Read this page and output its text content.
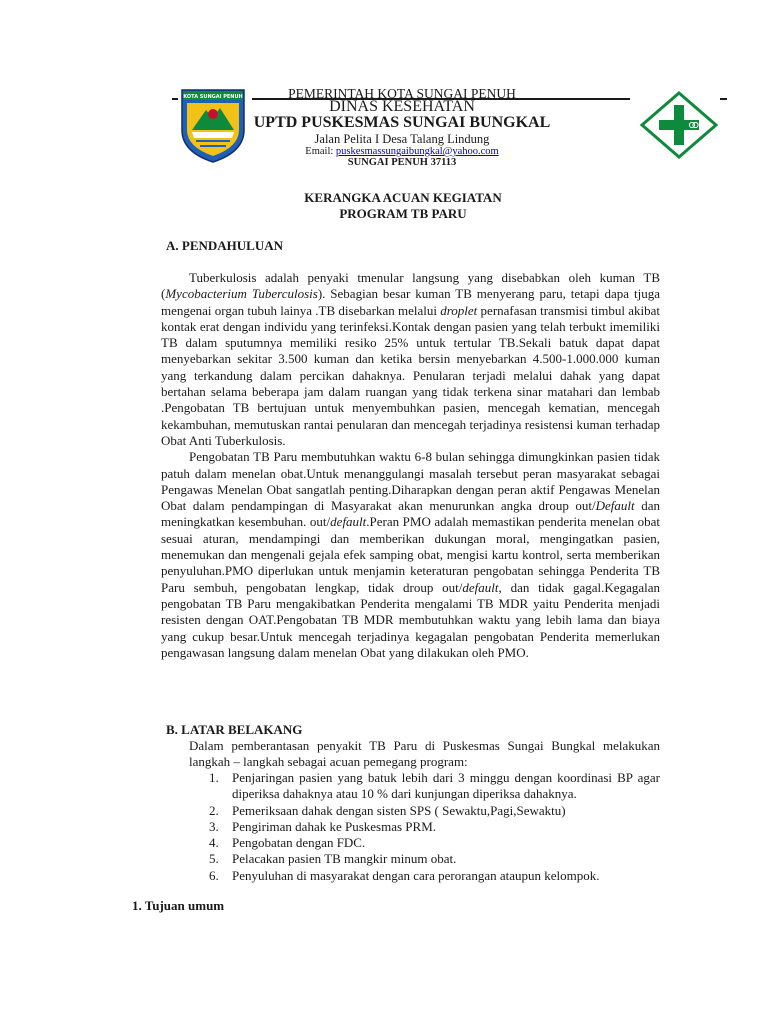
KOTA SUNGAI PENUH	PEMERINTAH KOTA SUNGAI PENUH
DINAS KESEHATAN
UPTD PUSKESMAS SUNGAI BUNGKAL
Jalan Pelita I Desa Talang Lindung
Email: puskesmassungaibungkal@yahoo.com
SUNGAI PENUH 37113
KERANGKA ACUAN KEGIATAN
PROGRAM TB PARU
A. PENDAHULUAN

Tuberkulosis adalah penyaki tmenular langsung yang disebabkan oleh kuman TB (Mycobacterium Tuberculosis). Sebagian besar kuman TB menyerang paru, tetapi dapa tjuga mengenai organ tubuh lainya .TB disebarkan melalui droplet pernafasan transmisi timbul akibat kontak erat dengan individu yang terinfeksi.Kontak dengan pasien yang telah terbukt imemiliki TB dalam sputumnya memiliki resiko 25% untuk tertular TB.Sekali batuk dapat dapat menyebarkan sekitar 3.500 kuman dan ketika bersin menyebarkan 4.500-1.000.000 kuman yang terkandung dalam percikan dahaknya. Penularan terjadi melalui dahak yang dapat bertahan selama beberapa jam dalam ruangan yang tidak terkena sinar matahari dan lembab .Pengobatan TB bertujuan untuk menyembuhkan pasien, mencegah kematian, mencegah kekambuhan, memutuskan rantai penularan dan mencegah terjadinya resistensi kuman terhadap Obat Anti Tuberkulosis.

Pengobatan TB Paru membutuhkan waktu 6-8 bulan sehingga dimungkinkan pasien tidak patuh dalam menelan obat.Untuk menanggulangi masalah tersebut peran masyarakat sebagai Pengawas Menelan Obat sangatlah penting.Diharapkan dengan peran aktif Pengawas Menelan Obat dalam pendampingan di Masyarakat akan menurunkan angka droup out/Default dan meningkatkan kesembuhan. out/default.Peran PMO adalah memastikan penderita menelan obat sesuai aturan, mendampingi dan memberikan dukungan moral, mengingatkan pasien, menemukan dan mengenali gejala efek samping obat, mengisi kartu kontrol, serta memberikan penyuluhan.PMO diperlukan untuk menjamin keteraturan pengobatan sehingga Penderita TB Paru sembuh, pengobatan lengkap, tidak droup out/default, dan tidak gagal.Kegagalan pengobatan TB Paru mengakibatkan Penderita mengalami TB MDR yaitu Penderita menjadi resisten dengan OAT.Pengobatan TB MDR membutuhkan waktu yang lebih lama dan biaya yang cukup besar.Untuk mencegah terjadinya kegagalan pengobatan Penderita memerlukan pengawasan langsung dalam menelan Obat yang dilakukan oleh PMO.

B. LATAR BELAKANG
Dalam pemberantasan penyakit TB Paru di Puskesmas Sungai Bungkal melakukan langkah – langkah sebagai acuan pemegang program:
1. Penjaringan pasien yang batuk lebih dari 3 minggu dengan koordinasi BP agar diperiksa dahaknya atau 10 % dari kunjungan diperiksa dahaknya.
2. Pemeriksaan dahak dengan sisten SPS ( Sewaktu,Pagi,Sewaktu)
3. Pengiriman dahak ke Puskesmas PRM.
4. Pengobatan dengan FDC.
5. Pelacakan pasien TB mangkir minum obat.
6. Penyuluhan di masyarakat dengan cara perorangan ataupun kelompok.
1. Tujuan umum
